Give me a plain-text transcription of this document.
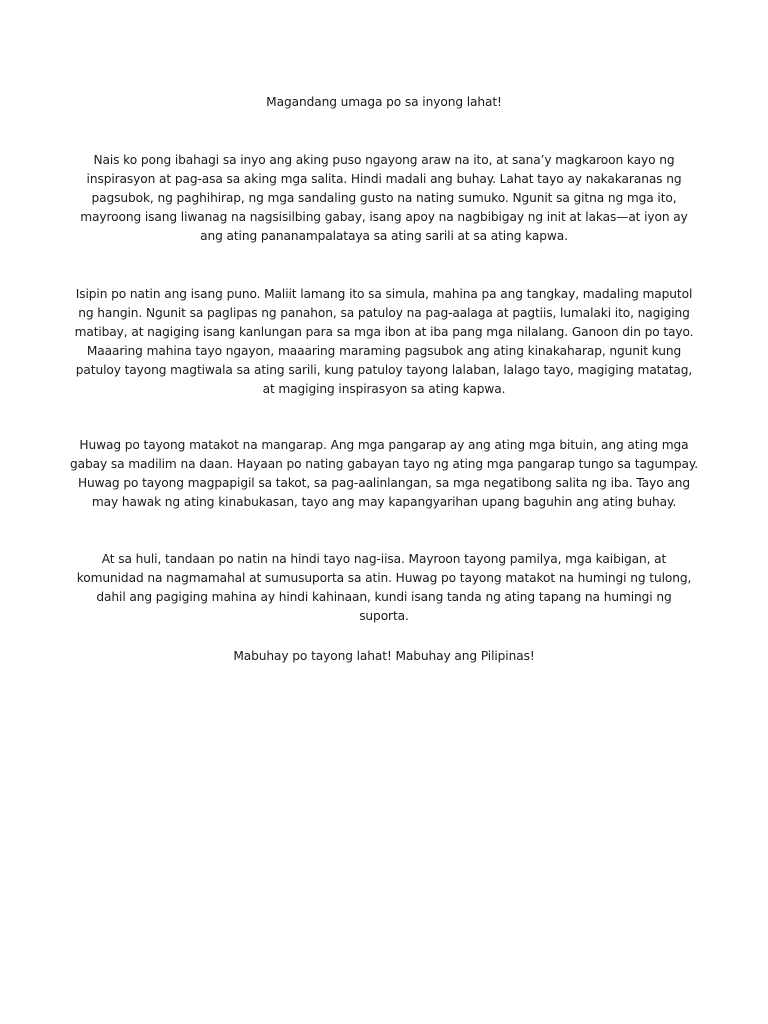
Magandang umaga po sa inyong lahat!

Nais ko pong ibahagi sa inyo ang aking puso ngayong araw na ito, at sana’y magkaroon kayo ng inspirasyon at pag-asa sa aking mga salita. Hindi madali ang buhay. Lahat tayo ay nakakaranas ng pagsubok, ng paghihirap, ng mga sandaling gusto na nating sumuko. Ngunit sa gitna ng mga ito, mayroong isang liwanag na nagsisilbing gabay, isang apoy na nagbibigay ng init at lakas—at iyon ay ang ating pananampalataya sa ating sarili at sa ating kapwa.

Isipin po natin ang isang puno. Maliit lamang ito sa simula, mahina pa ang tangkay, madaling maputol ng hangin. Ngunit sa paglipas ng panahon, sa patuloy na pag-aalaga at pagtiis, lumalaki ito, nagiging matibay, at nagiging isang kanlungan para sa mga ibon at iba pang mga nilalang. Ganoon din po tayo. Maaaring mahina tayo ngayon, maaaring maraming pagsubok ang ating kinakaharap, ngunit kung patuloy tayong magtiwala sa ating sarili, kung patuloy tayong lalaban, lalago tayo, magiging matatag, at magiging inspirasyon sa ating kapwa.

Huwag po tayong matakot na mangarap. Ang mga pangarap ay ang ating mga bituin, ang ating mga gabay sa madilim na daan. Hayaan po nating gabayan tayo ng ating mga pangarap tungo sa tagumpay. Huwag po tayong magpapigil sa takot, sa pag-aalinlangan, sa mga negatibong salita ng iba. Tayo ang may hawak ng ating kinabukasan, tayo ang may kapangyarihan upang baguhin ang ating buhay.

At sa huli, tandaan po natin na hindi tayo nag-iisa. Mayroon tayong pamilya, mga kaibigan, at komunidad na nagmamahal at sumusuporta sa atin. Huwag po tayong matakot na humingi ng tulong, dahil ang pagiging mahina ay hindi kahinaan, kundi isang tanda ng ating tapang na humingi ng suporta.

Mabuhay po tayong lahat! Mabuhay ang Pilipinas!
